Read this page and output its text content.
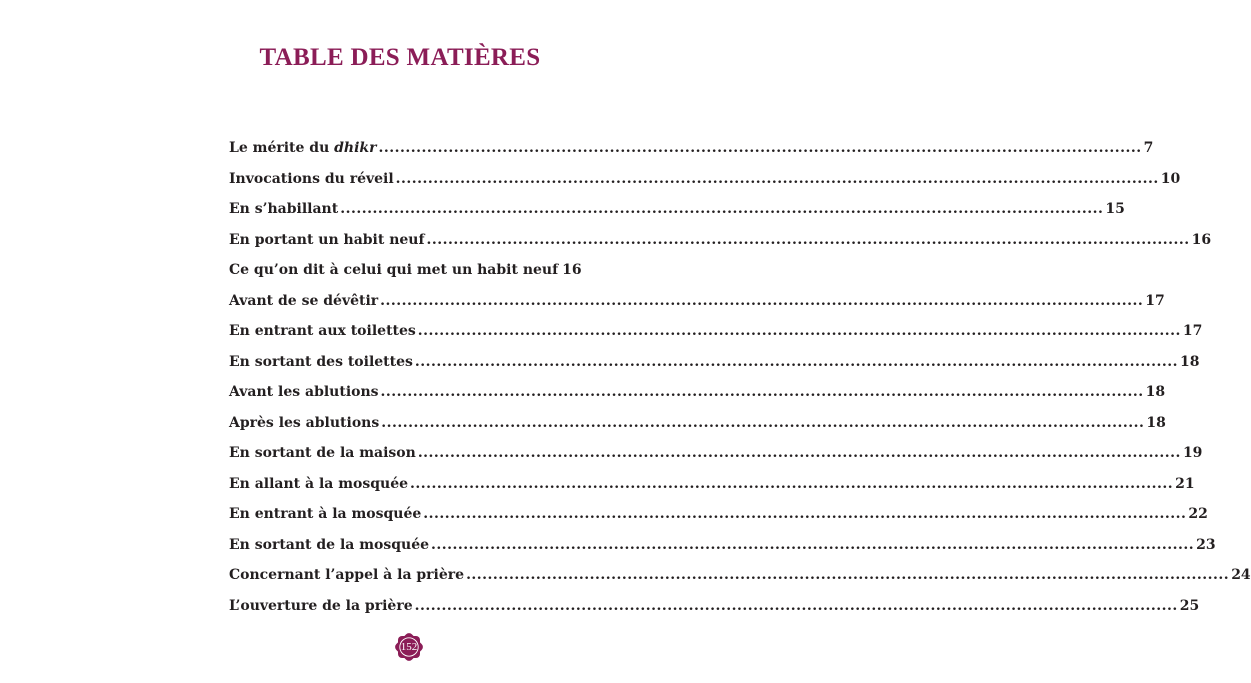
TABLE DES MATIÈRES
Le mérite du dhikr .....	7
Invocations du réveil .....	10
En s’habillant .....	15
En portant un habit neuf .....	16
Ce qu’on dit à celui qui met un habit neuf 16
Avant de se dévêtir .....	17
En entrant aux toilettes .....	17
En sortant des toilettes .....	18
Avant les ablutions .....	18
Après les ablutions .....	18
En sortant de la maison .....	19
En allant à la mosquée .....	21
En entrant à la mosquée .....	22
En sortant de la mosquée .....	23
Concernant l’appel à la prière .....	24
L’ouverture de la prière .....	25
152
